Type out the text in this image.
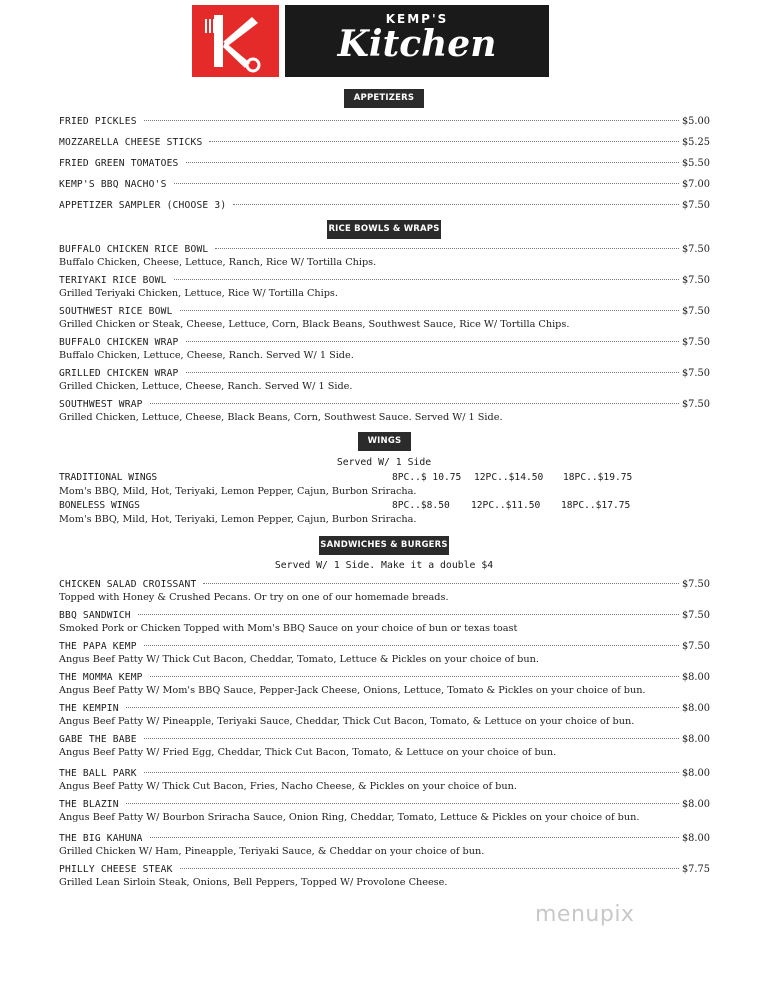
KEMP'S
Kitchen
APPETIZERS
FRIED PICKLES	$5.00
MOZZARELLA CHEESE STICKS	$5.25
FRIED GREEN TOMATOES	$5.50
KEMP'S BBQ NACHO'S	$7.00
APPETIZER SAMPLER (CHOOSE 3)	$7.50
RICE BOWLS & WRAPS
BUFFALO CHICKEN RICE BOWL	$7.50
Buffalo Chicken, Cheese, Lettuce, Ranch, Rice W/ Tortilla Chips.
TERIYAKI RICE BOWL	$7.50
Grilled Teriyaki Chicken, Lettuce, Rice W/ Tortilla Chips.
SOUTHWEST RICE BOWL	$7.50
Grilled Chicken or Steak, Cheese, Lettuce, Corn, Black Beans, Southwest Sauce, Rice W/ Tortilla Chips.
BUFFALO CHICKEN WRAP	$7.50
Buffalo Chicken, Lettuce, Cheese, Ranch. Served W/ 1 Side.
GRILLED CHICKEN WRAP	$7.50
Grilled Chicken, Lettuce, Cheese, Ranch. Served W/ 1 Side.
SOUTHWEST WRAP	$7.50
Grilled Chicken, Lettuce, Cheese, Black Beans, Corn, Southwest Sauce. Served W/ 1 Side.
WINGS
Served W/ 1 Side
TRADITIONAL WINGS	8PC..$ 10.75 12PC..$14.50 18PC..$19.75
Mom's BBQ, Mild, Hot, Teriyaki, Lemon Pepper, Cajun, Burbon Sriracha.
BONELESS WINGS	8PC..$8.50 12PC..$11.50 18PC..$17.75
Mom's BBQ, Mild, Hot, Teriyaki, Lemon Pepper, Cajun, Burbon Sriracha.
SANDWICHES & BURGERS
Served W/ 1 Side. Make it a double $4
CHICKEN SALAD CROISSANT	$7.50
Topped with Honey & Crushed Pecans. Or try on one of our homemade breads.
BBQ SANDWICH	$7.50
Smoked Pork or Chicken Topped with Mom's BBQ Sauce on your choice of bun or texas toast
THE PAPA KEMP	$7.50
Angus Beef Patty W/ Thick Cut Bacon, Cheddar, Tomato, Lettuce & Pickles on your choice of bun.
THE MOMMA KEMP	$8.00
Angus Beef Patty W/ Mom's BBQ Sauce, Pepper-Jack Cheese, Onions, Lettuce, Tomato & Pickles on your choice of bun.
THE KEMPIN	$8.00
Angus Beef Patty W/ Pineapple, Teriyaki Sauce, Cheddar, Thick Cut Bacon, Tomato, & Lettuce on your choice of bun.
GABE THE BABE	$8.00
Angus Beef Patty W/ Fried Egg, Cheddar, Thick Cut Bacon, Tomato, & Lettuce on your choice of bun.
THE BALL PARK	$8.00
Angus Beef Patty W/ Thick Cut Bacon, Fries, Nacho Cheese, & Pickles on your choice of bun.
THE BLAZIN	$8.00
Angus Beef Patty W/ Bourbon Sriracha Sauce, Onion Ring, Cheddar, Tomato, Lettuce & Pickles on your choice of bun.
THE BIG KAHUNA	$8.00
Grilled Chicken W/ Ham, Pineapple, Teriyaki Sauce, & Cheddar on your choice of bun.
PHILLY CHEESE STEAK	$7.75
Grilled Lean Sirloin Steak, Onions, Bell Peppers, Topped W/ Provolone Cheese.
menupix
